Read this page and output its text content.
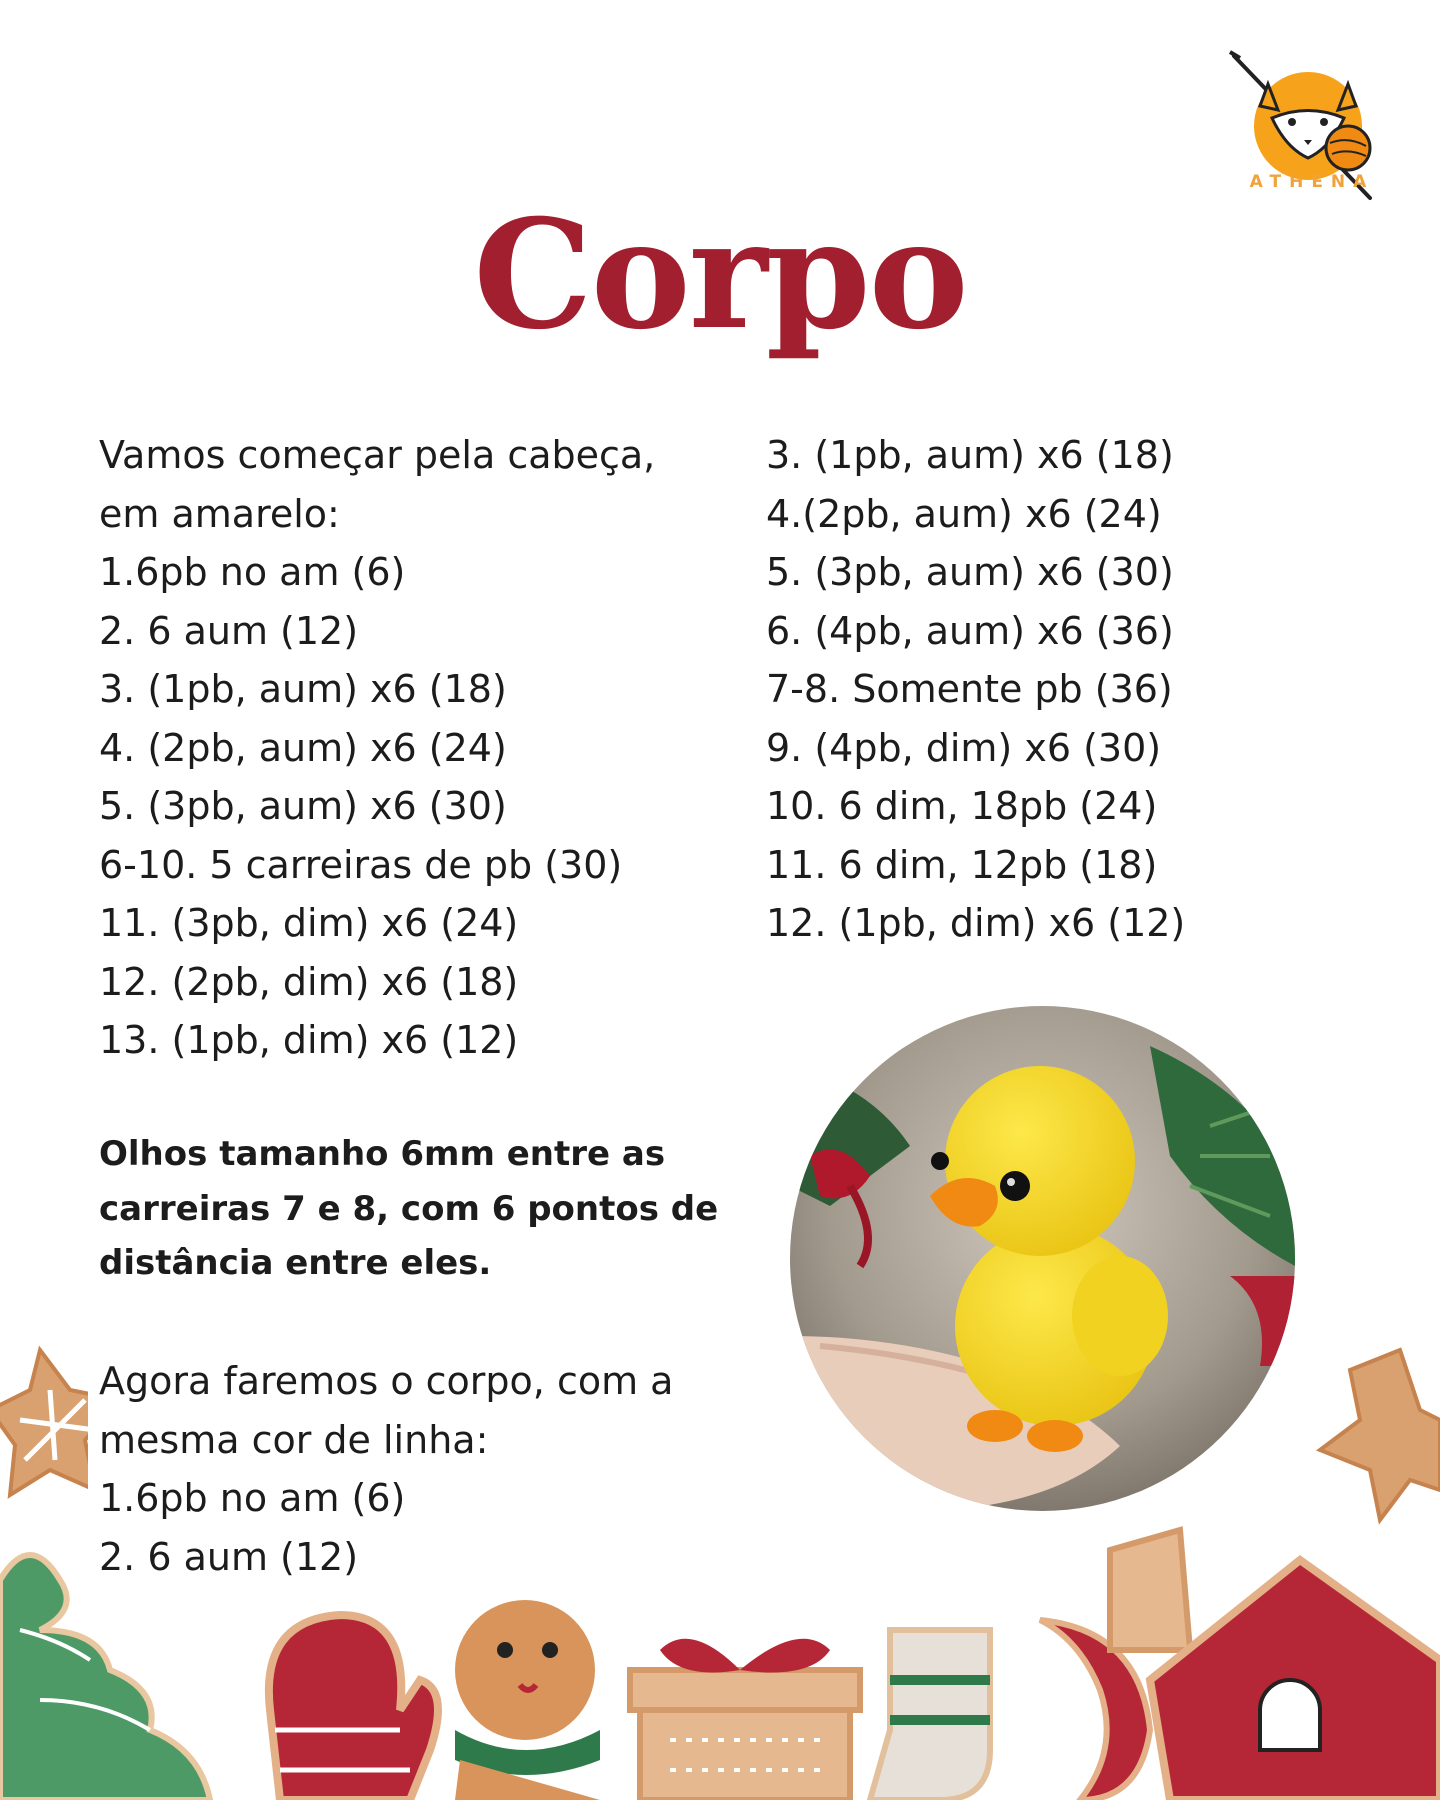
ATHENA
Corpo
Vamos começar pela cabeça,
em amarelo:
1.6pb no am (6)
2. 6 aum (12)
3. (1pb, aum) x6 (18)
4. (2pb, aum) x6 (24)
5. (3pb, aum) x6 (30)
6-10. 5 carreiras de pb (30)
11. (3pb, dim) x6 (24)
12. (2pb, dim) x6 (18)
13. (1pb, dim) x6 (12)
3. (1pb, aum) x6 (18)
4.(2pb, aum) x6 (24)
5. (3pb, aum) x6 (30)
6. (4pb, aum) x6 (36)
7-8. Somente pb (36)
9. (4pb, dim) x6 (30)
10. 6 dim, 18pb (24)
11. 6 dim, 12pb (18)
12. (1pb, dim) x6 (12)
Olhos tamanho 6mm entre as
carreiras 7 e 8, com 6 pontos de
distância entre eles.
Agora faremos o corpo, com a
mesma cor de linha:
1.6pb no am (6)
2. 6 aum (12)
